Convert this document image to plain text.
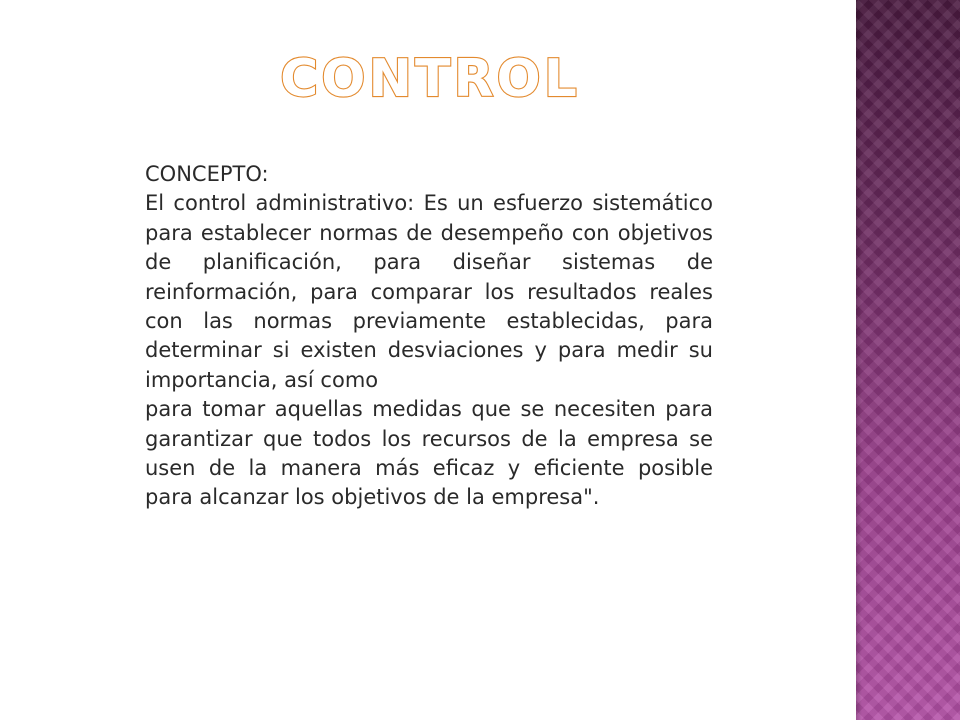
CONTROL

CONCEPTO:

El control administrativo: Es un esfuerzo sistemático para establecer normas de desempeño con objetivos de planificación, para diseñar sistemas de reinformación, para comparar los resultados reales con las normas previamente establecidas, para determinar si existen desviaciones y para medir su importancia, así como

para tomar aquellas medidas que se necesiten para garantizar que todos los recursos de la empresa se usen de la manera más eficaz y eficiente posible para alcanzar los objetivos de la empresa".
